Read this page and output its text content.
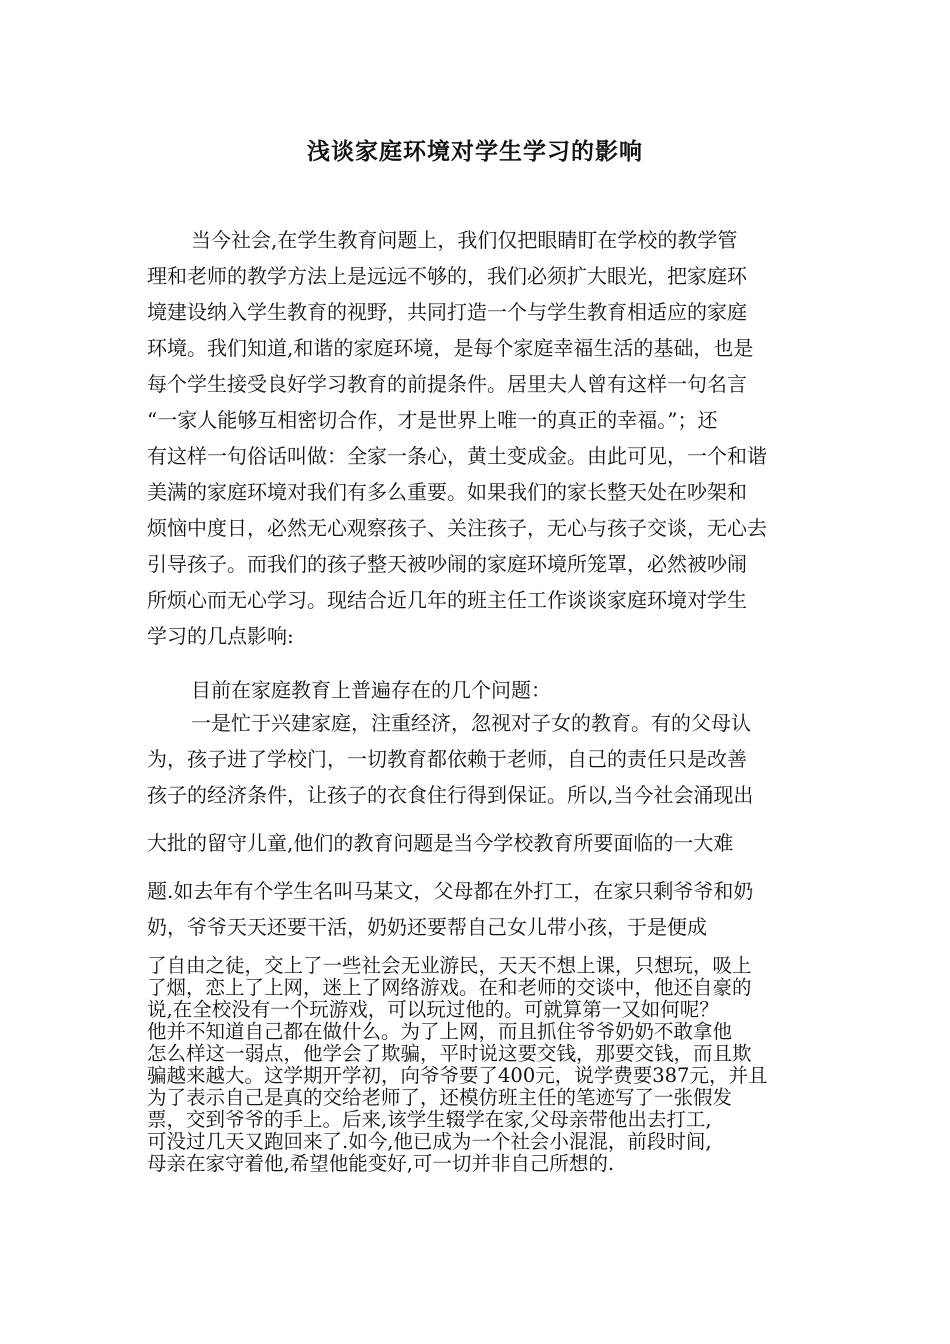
浅谈家庭环境对学生学习的影响
当今社会,在学生教育问题上，我们仅把眼睛盯在学校的教学管
理和老师的教学方法上是远远不够的，我们必须扩大眼光，把家庭环
境建设纳入学生教育的视野，共同打造一个与学生教育相适应的家庭
环境。我们知道,和谐的家庭环境，是每个家庭幸福生活的基础，也是
每个学生接受良好学习教育的前提条件。居里夫人曾有这样一句名言
“一家人能够互相密切合作，才是世界上唯一的真正的幸福。”；还
有这样一句俗话叫做：全家一条心，黄土变成金。由此可见，一个和谐
美满的家庭环境对我们有多么重要。如果我们的家长整天处在吵架和
烦恼中度日，必然无心观察孩子、关注孩子，无心与孩子交谈，无心去
引导孩子。而我们的孩子整天被吵闹的家庭环境所笼罩，必然被吵闹
所烦心而无心学习。现结合近几年的班主任工作谈谈家庭环境对学生
学习的几点影响:
目前在家庭教育上普遍存在的几个问题：
一是忙于兴建家庭，注重经济，忽视对子女的教育。有的父母认
为，孩子进了学校门，一切教育都依赖于老师，自己的责任只是改善
孩子的经济条件，让孩子的衣食住行得到保证。所以,当今社会涌现出
大批的留守儿童,他们的教育问题是当今学校教育所要面临的一大难
题.如去年有个学生名叫马某文，父母都在外打工，在家只剩爷爷和奶
奶，爷爷天天还要干活，奶奶还要帮自己女儿带小孩，于是便成
了自由之徒，交上了一些社会无业游民，天天不想上课，只想玩，吸上
了烟，恋上了上网，迷上了网络游戏。在和老师的交谈中，他还自豪的
说,在全校没有一个玩游戏，可以玩过他的。可就算第一又如何呢？
他并不知道自己都在做什么。为了上网，而且抓住爷爷奶奶不敢拿他
怎么样这一弱点，他学会了欺骗，平时说这要交钱，那要交钱，而且欺
骗越来越大。这学期开学初，向爷爷要了400元，说学费要387元，并且
为了表示自己是真的交给老师了，还模仿班主任的笔迹写了一张假发
票，交到爷爷的手上。后来,该学生辍学在家,父母亲带他出去打工,
可没过几天又跑回来了.如今,他已成为一个社会小混混，前段时间,
母亲在家守着他,希望他能变好,可一切并非自己所想的.
